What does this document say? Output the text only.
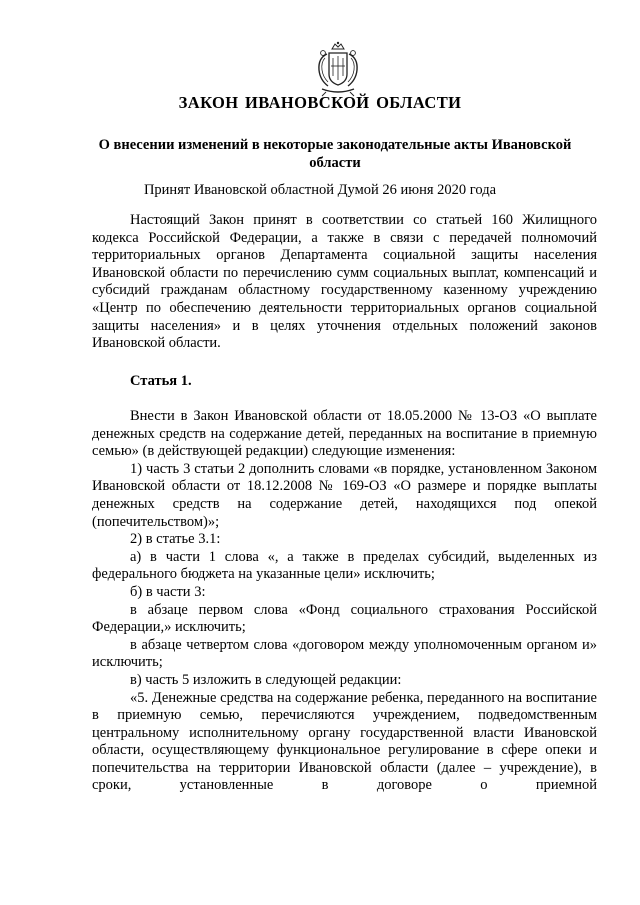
ЗАКОН ИВАНОВСКОЙ ОБЛАСТИ
О внесении изменений в некоторые законодательные акты Ивановской области
Принят Ивановской областной Думой 26 июня 2020 года

Настоящий Закон принят в соответствии со статьей 160 Жилищного кодекса Российской Федерации, а также в связи с передачей полномочий территориальных органов Департамента социальной защиты населения Ивановской области по перечислению сумм социальных выплат, компенсаций и субсидий гражданам областному государственному казенному учреждению «Центр по обеспечению деятельности территориальных органов социальной защиты населения» и в целях уточнения отдельных положений законов Ивановской области.

Статья 1.

Внести в Закон Ивановской области от 18.05.2000 № 13-ОЗ «О выплате денежных средств на содержание детей, переданных на воспитание в приемную семью» (в действующей редакции) следующие изменения:

1) часть 3 статьи 2 дополнить словами «в порядке, установленном Законом Ивановской области от 18.12.2008 № 169-ОЗ «О размере и порядке выплаты денежных средств на содержание детей, находящихся под опекой (попечительством)»;

2) в статье 3.1:

а) в части 1 слова «, а также в пределах субсидий, выделенных из федерального бюджета на указанные цели» исключить;

б) в части 3:

в абзаце первом слова «Фонд социального страхования Российской Федерации,» исключить;

в абзаце четвертом слова «договором между уполномоченным органом и» исключить;

в) часть 5 изложить в следующей редакции:

«5. Денежные средства на содержание ребенка, переданного на воспитание в приемную семью, перечисляются учреждением, подведомственным центральному исполнительному органу государственной власти Ивановской области, осуществляющему функциональное регулирование в сфере опеки и попечительства на территории Ивановской области (далее – учреждение), в сроки, установленные в договоре о приемной
